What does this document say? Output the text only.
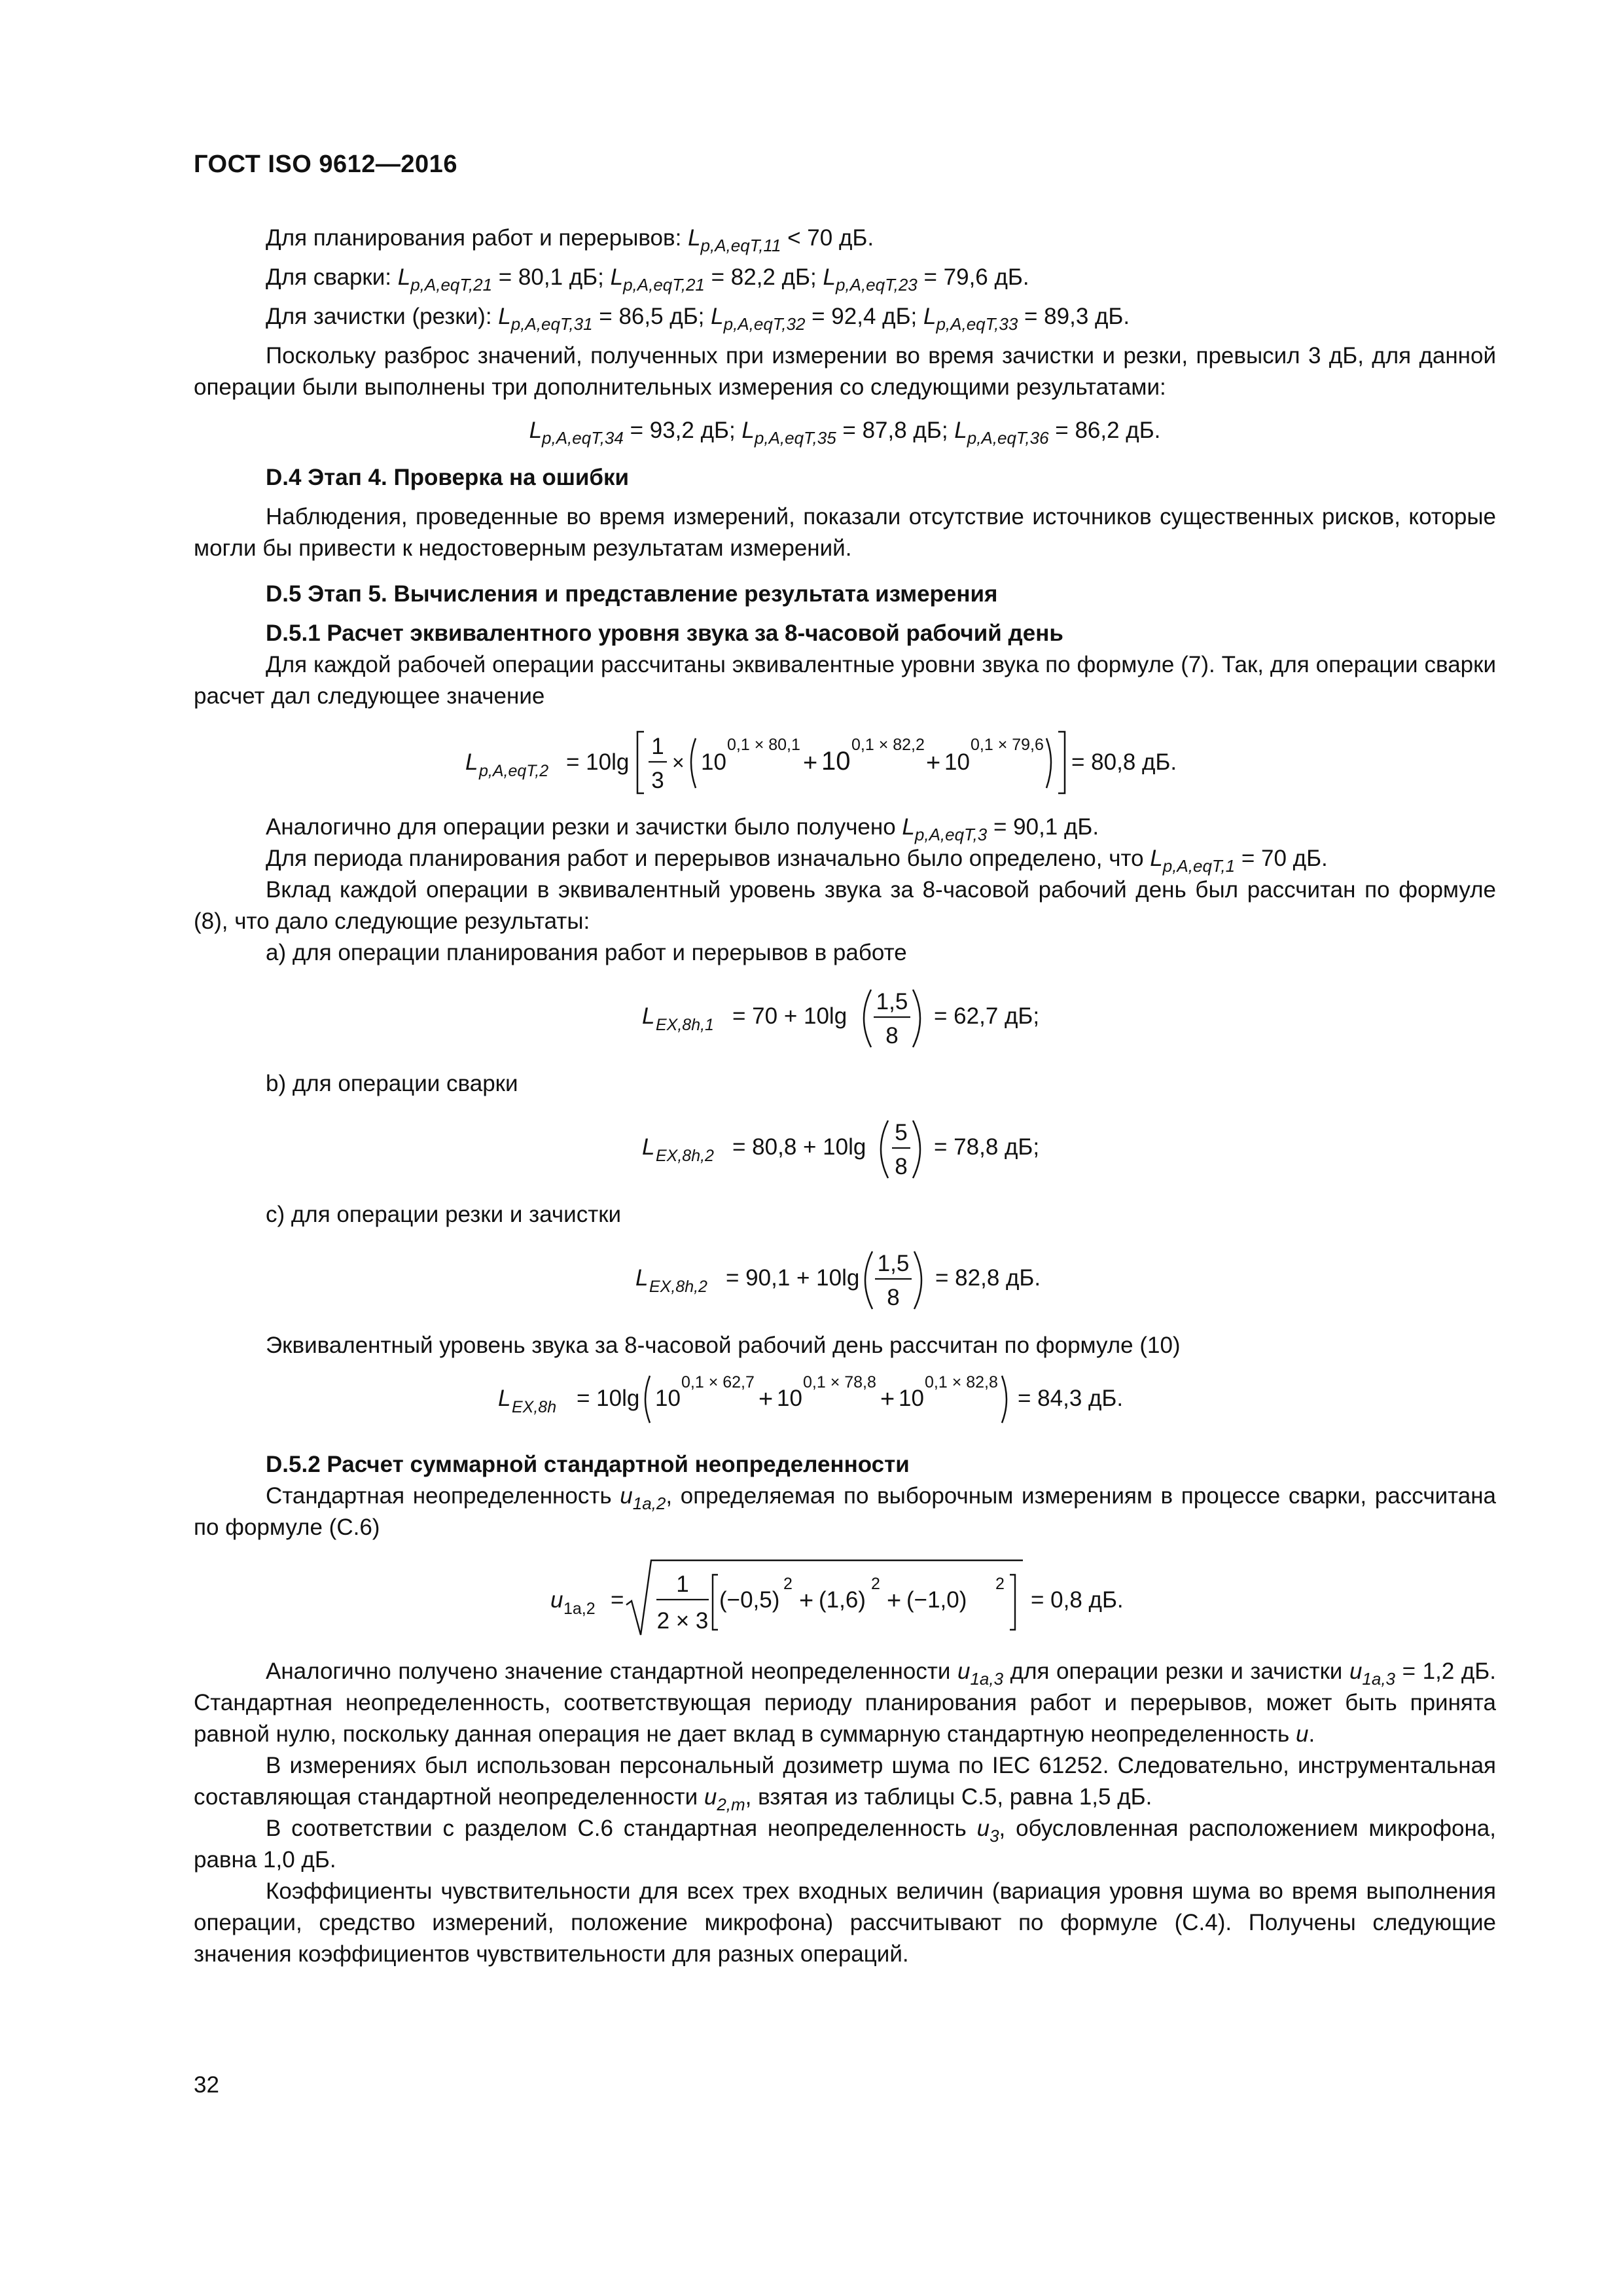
ГОСТ ISO 9612—2016

Для планирования работ и перерывов: $L_{p,A,eqT,11} < 70$ дБ.

Для сварки: $L_{p,A,eqT,21} = 80,1$ дБ; $L_{p,A,eqT,21} = 82,2$ дБ; $L_{p,A,eqT,23} = 79,6$ дБ.

Для зачистки (резки): $L_{p,A,eqT,31} = 86,5$ дБ; $L_{p,A,eqT,32} = 92,4$ дБ; $L_{p,A,eqT,33} = 89,3$ дБ.

Поскольку разброс значений, полученных при измерении во время зачистки и резки, превысил 3 дБ, для данной операции были выполнены три дополнительных измерения со следующими результатами:

$L_{p,A,eqT,34} = 93,2$ дБ; $L_{p,A,eqT,35} = 87,8$ дБ; $L_{p,A,eqT,36} = 86,2$ дБ.

D.4 Этап 4. Проверка на ошибки

Наблюдения, проведенные во время измерений, показали отсутствие источников существенных рисков, которые могли бы привести к недостоверным результатам измерений.

D.5 Этап 5. Вычисления и представление результата измерения

D.5.1 Расчет эквивалентного уровня звука за 8-часовой рабочий день

Для каждой рабочей операции рассчитаны эквивалентные уровни звука по формуле (7). Так, для операции сварки расчет дал следующее значение

L p,A,eqT,2 = 10lg
1
3
× 10
0,1 × 80,1
+ 10
0,1 × 82,2
+ 10
0,1 × 79,6
= 80,8 дБ.

Аналогично для операции резки и зачистки было получено $L_{p,A,eqT,3} = 90,1$ дБ.

Для периода планирования работ и перерывов изначально было определено, что $L_{p,A,eqT,1} = 70$ дБ.

Вклад каждой операции в эквивалентный уровень звука за 8-часовой рабочий день был рассчитан по формуле (8), что дало следующие результаты:

a) для операции планирования работ и перерывов в работе

L EX,8h,1 = 70 + 10lg
1,5
8
= 62,7 дБ;

b) для операции сварки

L EX,8h,2 = 80,8 + 10lg
5
8
= 78,8 дБ;

c) для операции резки и зачистки

L EX,8h,2 = 90,1 + 10lg
1,5
8
= 82,8 дБ.

Эквивалентный уровень звука за 8-часовой рабочий день рассчитан по формуле (10)

L EX,8h = 10lg 10
0,1 × 62,7
+ 10
0,1 × 78,8
+ 10
0,1 × 82,8
= 84,3 дБ.

D.5.2 Расчет суммарной стандартной неопределенности

Стандартная неопределенность $u_{1a,2}$, определяемая по выборочным измерениям в процессе сварки, рассчитана по формуле (C.6)

u 1a,2 =
1
2 × 3
(−0,5)
2
+ (1,6)
2
+ (−1,0)
2
= 0,8 дБ.

Аналогично получено значение стандартной неопределенности $u_{1a,3}$ для операции резки и зачистки $u_{1a,3} = 1,2$ дБ. Стандартная неопределенность, соответствующая периоду планирования работ и перерывов, может быть принята равной нулю, поскольку данная операция не дает вклад в суммарную стандартную неопределенность u.

В измерениях был использован персональный дозиметр шума по IEC 61252. Следовательно, инструментальная составляющая стандартной неопределенности $u_{2,m}$, взятая из таблицы C.5, равна 1,5 дБ.

В соответствии с разделом C.6 стандартная неопределенность $u_3$, обусловленная расположением микрофона, равна 1,0 дБ.

Коэффициенты чувствительности для всех трех входных величин (вариация уровня шума во время выполнения операции, средство измерений, положение микрофона) рассчитывают по формуле (C.4). Получены следующие значения коэффициентов чувствительности для разных операций.

32
